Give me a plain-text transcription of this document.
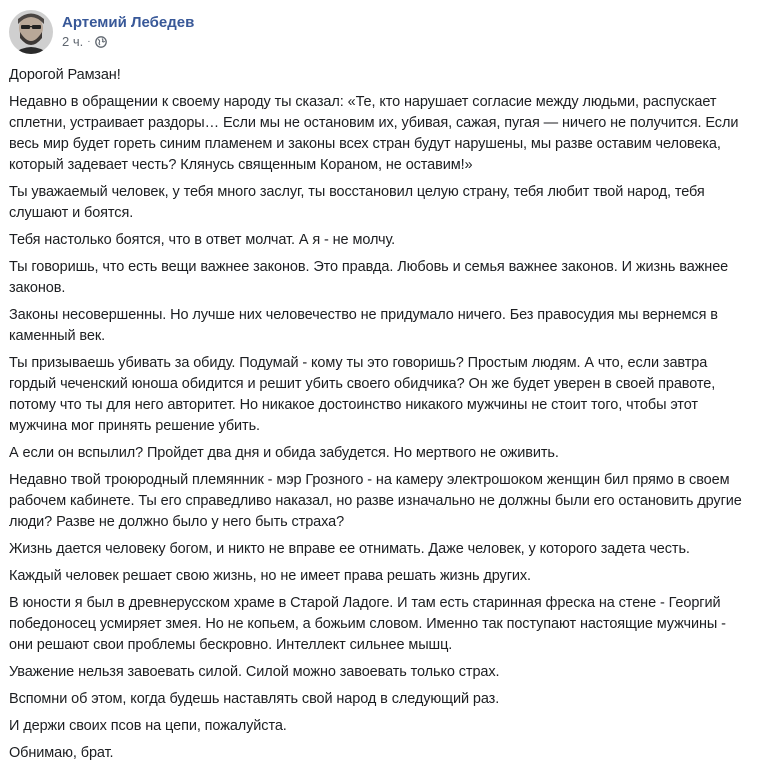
Артемий Лебедев
2 ч. ·

Дорогой Рамзан!

Недавно в обращении к своему народу ты сказал: «Те, кто нарушает согласие между людьми, распускает сплетни, устраивает раздоры… Если мы не остановим их, убивая, сажая, пугая — ничего не получится. Если весь мир будет гореть синим пламенем и законы всех стран будут нарушены, мы разве оставим человека, который задевает честь? Клянусь священным Кораном, не оставим!»

Ты уважаемый человек, у тебя много заслуг, ты восстановил целую страну, тебя любит твой народ, тебя слушают и боятся.

Тебя настолько боятся, что в ответ молчат. А я - не молчу.

Ты говоришь, что есть вещи важнее законов. Это правда. Любовь и семья важнее законов. И жизнь важнее законов.

Законы несовершенны. Но лучше них человечество не придумало ничего. Без правосудия мы вернемся в каменный век.

Ты призываешь убивать за обиду. Подумай - кому ты это говоришь? Простым людям. А что, если завтра гордый чеченский юноша обидится и решит убить своего обидчика? Он же будет уверен в своей правоте, потому что ты для него авторитет. Но никакое достоинство никакого мужчины не стоит того, чтобы этот мужчина мог принять решение убить.

А если он вспылил? Пройдет два дня и обида забудется. Но мертвого не оживить.

Недавно твой троюродный племянник - мэр Грозного - на камеру электрошоком женщин бил прямо в своем рабочем кабинете. Ты его справедливо наказал, но разве изначально не должны были его остановить другие люди? Разве не должно было у него быть страха?

Жизнь дается человеку богом, и никто не вправе ее отнимать. Даже человек, у которого задета честь.

Каждый человек решает свою жизнь, но не имеет права решать жизнь других.

В юности я был в древнерусском храме в Старой Ладоге. И там есть старинная фреска на стене - Георгий победоносец усмиряет змея. Но не копьем, а божьим словом. Именно так поступают настоящие мужчины - они решают свои проблемы бескровно. Интеллект сильнее мышц.

Уважение нельзя завоевать силой. Силой можно завоевать только страх.

Вспомни об этом, когда будешь наставлять свой народ в следующий раз.

И держи своих псов на цепи, пожалуйста.

Обнимаю, брат.
